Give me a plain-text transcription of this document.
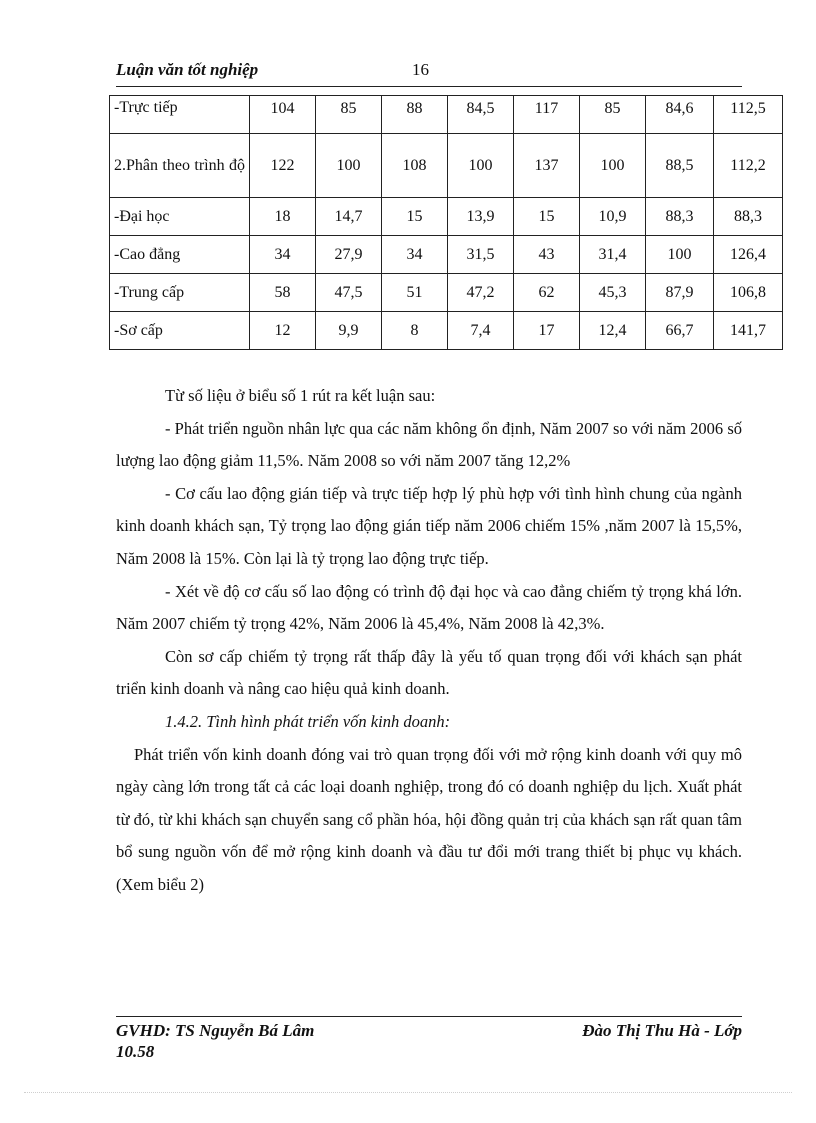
Luận văn tốt nghiệp	16
-Trực tiếp	104	85	88	84,5	117	85	84,6	112,5
2.Phân theo trình độ	122	100	108	100	137	100	88,5	112,2
-Đại học	18	14,7	15	13,9	15	10,9	88,3	88,3
-Cao đẳng	34	27,9	34	31,5	43	31,4	100	126,4
-Trung cấp	58	47,5	51	47,2	62	45,3	87,9	106,8
-Sơ cấp	12	9,9	8	7,4	17	12,4	66,7	141,7

Từ số liệu ở biểu số 1 rút ra kết luận sau:

- Phát triển nguồn nhân lực qua các năm không ổn định, Năm 2007 so với năm 2006 số lượng lao động giảm 11,5%. Năm 2008 so với năm 2007 tăng 12,2%

- Cơ cấu lao động gián tiếp và trực tiếp hợp lý phù hợp với tình hình chung của ngành kinh doanh khách sạn, Tỷ trọng lao động gián tiếp năm 2006 chiếm 15% ,năm 2007 là 15,5%, Năm 2008 là 15%. Còn lại là tỷ trọng lao động trực tiếp.

- Xét về độ cơ cấu số lao động có trình độ đại học và cao đẳng chiếm tỷ trọng khá lớn. Năm 2007 chiếm tỷ trọng 42%, Năm 2006 là 45,4%, Năm 2008 là 42,3%.

Còn sơ cấp chiếm tỷ trọng rất thấp đây là yếu tố quan trọng đối với khách sạn phát triển kinh doanh và nâng cao hiệu quả kinh doanh.

1.4.2. Tình hình phát triển vốn kinh doanh:

Phát triển vốn kinh doanh đóng vai trò quan trọng đối với mở rộng kinh doanh với quy mô ngày càng lớn trong tất cả các loại doanh nghiệp, trong đó có doanh nghiệp du lịch. Xuất phát từ đó, từ khi khách sạn chuyển sang cổ phần hóa, hội đồng quản trị của khách sạn rất quan tâm bổ sung nguồn vốn để mở rộng kinh doanh và đầu tư đổi mới trang thiết bị phục vụ khách. (Xem biểu 2)

GVHD: TS Nguyễn Bá Lâm	Đào Thị Thu Hà - Lớp
10.58
